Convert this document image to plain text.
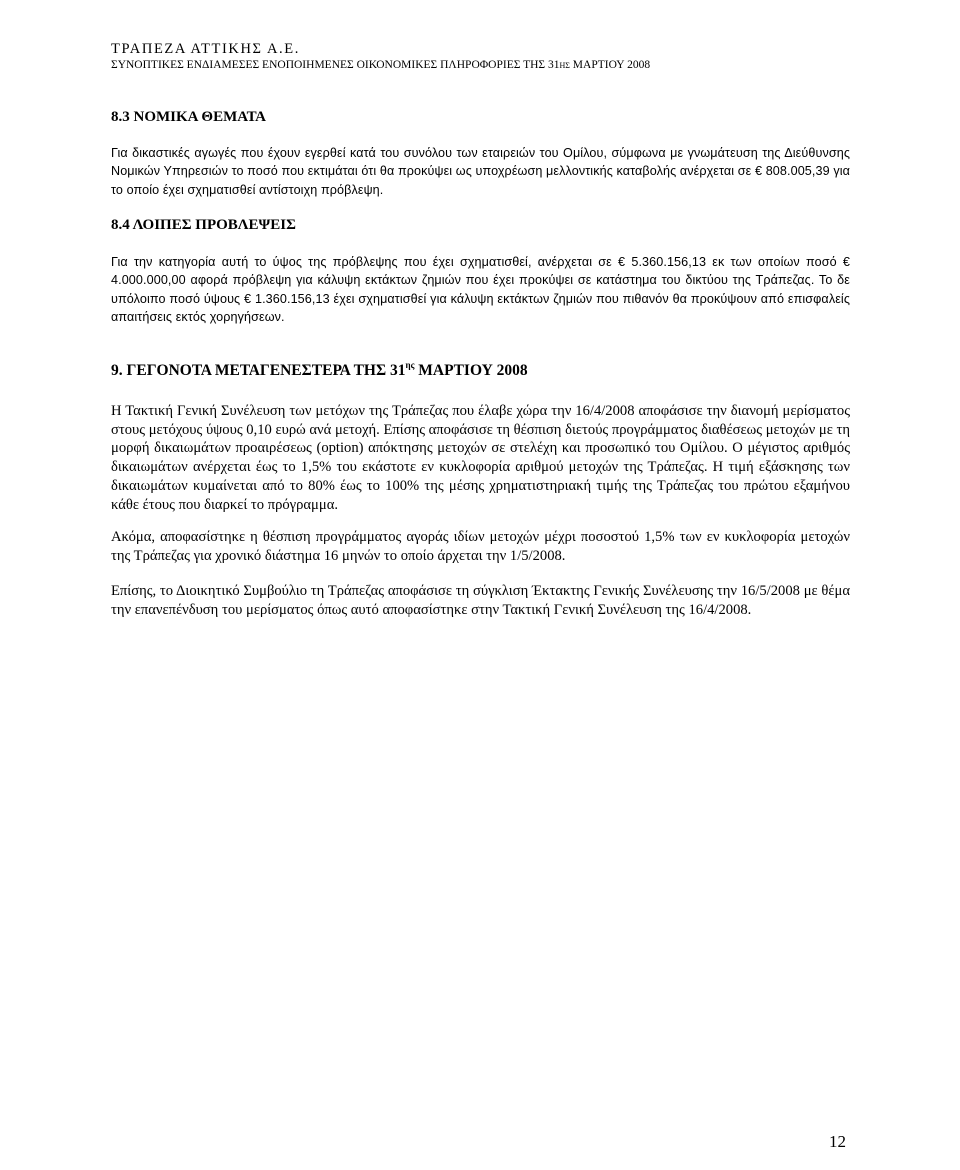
ΤΡΑΠΕΖΑ ΑΤΤΙΚΗΣ Α.Ε.
ΣΥΝΟΠΤΙΚΕΣ ΕΝΔΙΑΜΕΣΕΣ ΕΝΟΠΟΙΗΜΕΝΕΣ ΟΙΚΟΝΟΜΙΚΕΣ ΠΛΗΡΟΦΟΡΙΕΣ ΤΗΣ 31ΗΣ ΜΑΡΤΙΟΥ 2008
8.3 ΝΟΜΙΚΑ ΘΕΜΑΤΑ

Για δικαστικές αγωγές που έχουν εγερθεί κατά του συνόλου των εταιρειών του Ομίλου, σύμφωνα με γνωμάτευση της Διεύθυνσης Νομικών Υπηρεσιών το ποσό που εκτιμάται ότι θα προκύψει ως υποχρέωση μελλοντικής καταβολής ανέρχεται σε € 808.005,39 για το οποίο έχει σχηματισθεί αντίστοιχη πρόβλεψη.

8.4 ΛΟΙΠΕΣ ΠΡΟΒΛΕΨΕΙΣ

Για την κατηγορία αυτή το ύψος της πρόβλεψης που έχει σχηματισθεί, ανέρχεται σε € 5.360.156,13 εκ των οποίων ποσό € 4.000.000,00 αφορά πρόβλεψη για κάλυψη εκτάκτων ζημιών που έχει προκύψει σε κατάστημα του δικτύου της Τράπεζας. Το δε υπόλοιπο ποσό ύψους € 1.360.156,13 έχει σχηματισθεί για κάλυψη εκτάκτων ζημιών που πιθανόν θα προκύψουν από επισφαλείς απαιτήσεις εκτός χορηγήσεων.

9. ΓΕΓΟΝΟΤΑ ΜΕΤΑΓΕΝΕΣΤΕΡΑ ΤΗΣ $31^{\eta\varsigma}$ ΜΑΡΤΙΟΥ 2008

Η Τακτική Γενική Συνέλευση των μετόχων της Τράπεζας που έλαβε χώρα την 16/4/2008 αποφάσισε την διανομή μερίσματος στους μετόχους ύψους 0,10 ευρώ ανά μετοχή. Επίσης αποφάσισε τη θέσπιση διετούς προγράμματος διαθέσεως μετοχών με τη μορφή δικαιωμάτων προαιρέσεως (option) απόκτησης μετοχών σε στελέχη και προσωπικό του Ομίλου. Ο μέγιστος αριθμός δικαιωμάτων ανέρχεται έως το 1,5% του εκάστοτε εν κυκλοφορία αριθμού μετοχών της Τράπεζας. Η τιμή εξάσκησης των δικαιωμάτων κυμαίνεται από το 80% έως το 100% της μέσης χρηματιστηριακή τιμής της Τράπεζας του πρώτου εξαμήνου κάθε έτους που διαρκεί το πρόγραμμα.

Ακόμα, αποφασίστηκε η θέσπιση προγράμματος αγοράς ιδίων μετοχών μέχρι ποσοστού 1,5% των εν κυκλοφορία μετοχών της Τράπεζας για χρονικό διάστημα 16 μηνών το οποίο άρχεται την 1/5/2008.

Επίσης, το Διοικητικό Συμβούλιο τη Τράπεζας αποφάσισε τη σύγκλιση Έκτακτης Γενικής Συνέλευσης την 16/5/2008 με θέμα την επανεπένδυση του μερίσματος όπως αυτό αποφασίστηκε στην Τακτική Γενική Συνέλευση της 16/4/2008.

12
